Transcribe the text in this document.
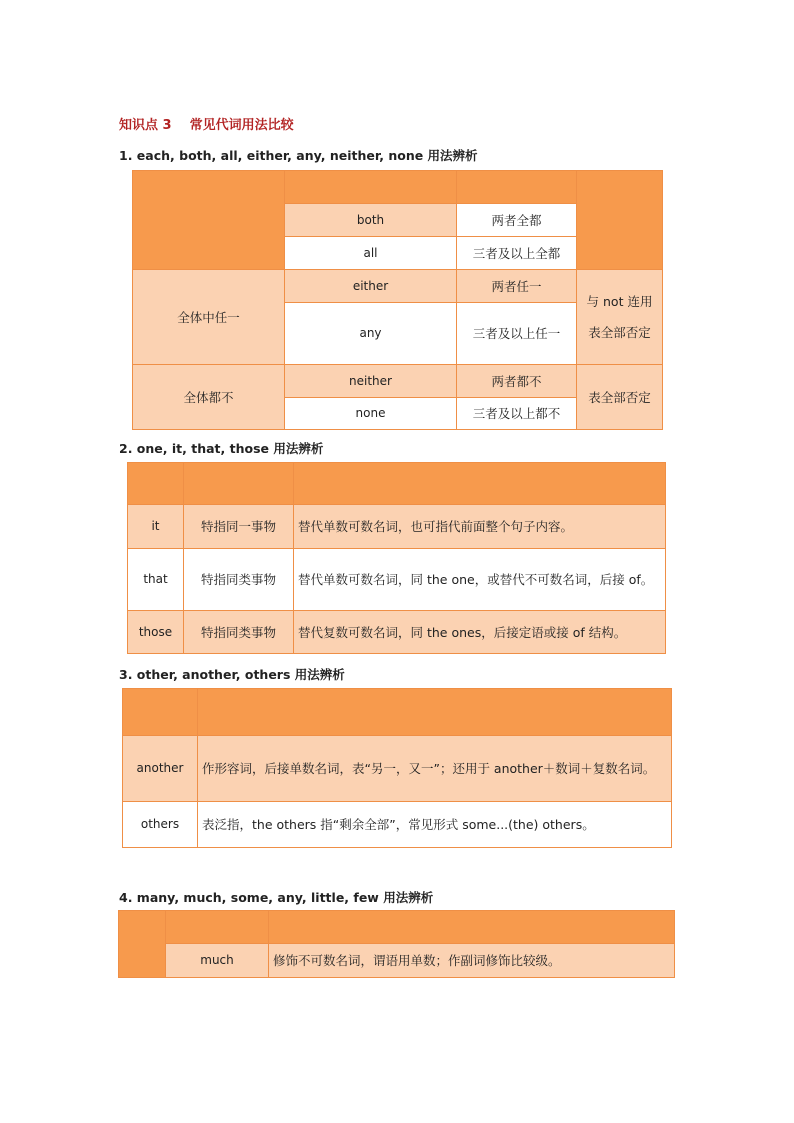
知识点 3 常见代词用法比较
1. each, both, all, either, any, neither, none 用法辨析

	both	两者全都	
	all	三者及以上全都	
全体中任一	either	两者任一	与 not 连用表全部否定
	any	三者及以上任一	
全体都不	neither	两者都不	表全部否定
	none	三者及以上都不	
2. one, it, that, those 用法辨析

it	特指同一事物	替代单数可数名词，也可指代前面整个句子内容。
that	特指同类事物	替代单数可数名词，同 the one，或替代不可数名词，后接 of。
those	特指同类事物	替代复数可数名词，同 the ones，后接定语或接 of 结构。
3. other, another, others 用法辨析

another	作形容词，后接单数名词，表“另一，又一”；还用于 another＋数词＋复数名词。
others	表泛指，the others 指“剩余全部”，常见形式 some...(the) others。
4. many, much, some, any, little, few 用法辨析

	much	修饰不可数名词，谓语用单数；作副词修饰比较级。
